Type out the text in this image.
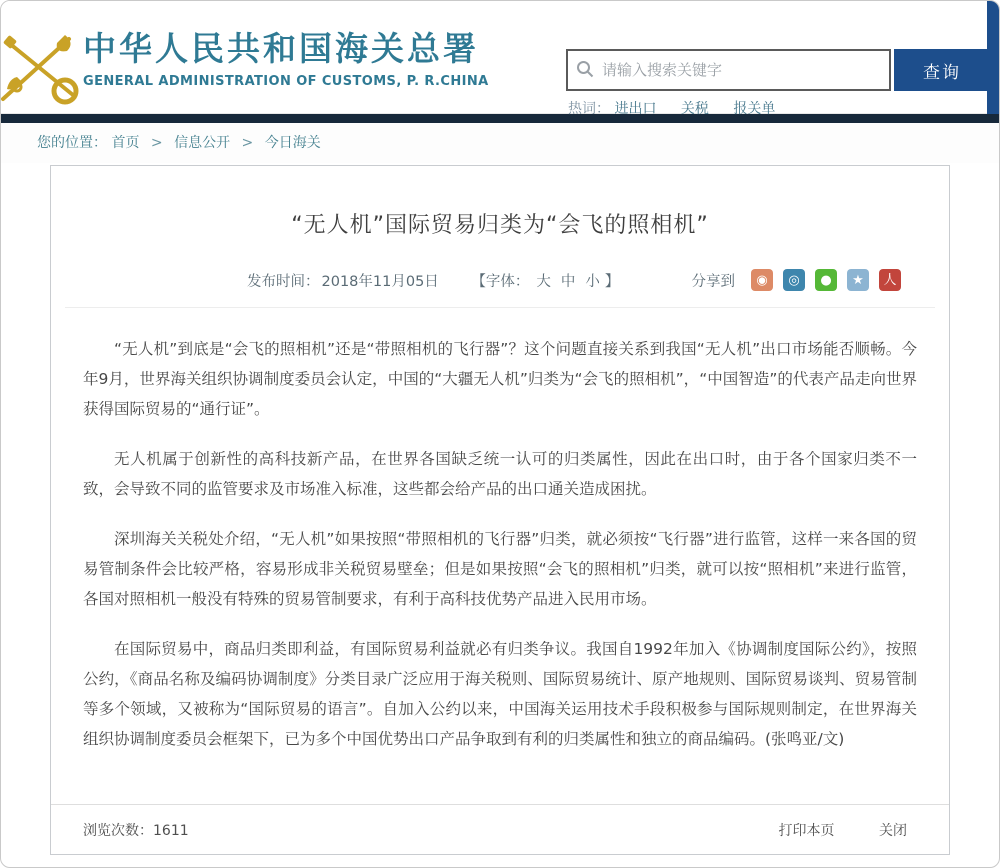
中华人民共和国海关总署
GENERAL ADMINISTRATION OF CUSTOMS, P. R.CHINA
请输入搜索关键字	查询
热词： 进出口 关税 报关单
您的位置： 首页 > 信息公开 > 今日海关
“无人机”国际贸易归类为“会飞的照相机”
发布时间： 2018年11月05日 【字体： 大 中 小 】	分享到 ◉ ◎ ● ★ 人

“无人机”到底是“会飞的照相机”还是“带照相机的飞行器”？这个问题直接关系到我国“无人机”出口市场能否顺畅。今年9月，世界海关组织协调制度委员会认定，中国的“大疆无人机”归类为“会飞的照相机”，“中国智造”的代表产品走向世界获得国际贸易的“通行证”。

无人机属于创新性的高科技新产品，在世界各国缺乏统一认可的归类属性，因此在出口时，由于各个国家归类不一致，会导致不同的监管要求及市场准入标准，这些都会给产品的出口通关造成困扰。

深圳海关关税处介绍，“无人机”如果按照“带照相机的飞行器”归类，就必须按“飞行器”进行监管，这样一来各国的贸易管制条件会比较严格，容易形成非关税贸易壁垒；但是如果按照“会飞的照相机”归类，就可以按“照相机”来进行监管，各国对照相机一般没有特殊的贸易管制要求，有利于高科技优势产品进入民用市场。

在国际贸易中，商品归类即利益，有国际贸易利益就必有归类争议。我国自1992年加入《协调制度国际公约》，按照公约，《商品名称及编码协调制度》分类目录广泛应用于海关税则、国际贸易统计、原产地规则、国际贸易谈判、贸易管制等多个领域，又被称为“国际贸易的语言”。自加入公约以来，中国海关运用技术手段积极参与国际规则制定，在世界海关组织协调制度委员会框架下，已为多个中国优势出口产品争取到有利的归类属性和独立的商品编码。(张鸣亚/文)

浏览次数：1611	打印本页	关闭
